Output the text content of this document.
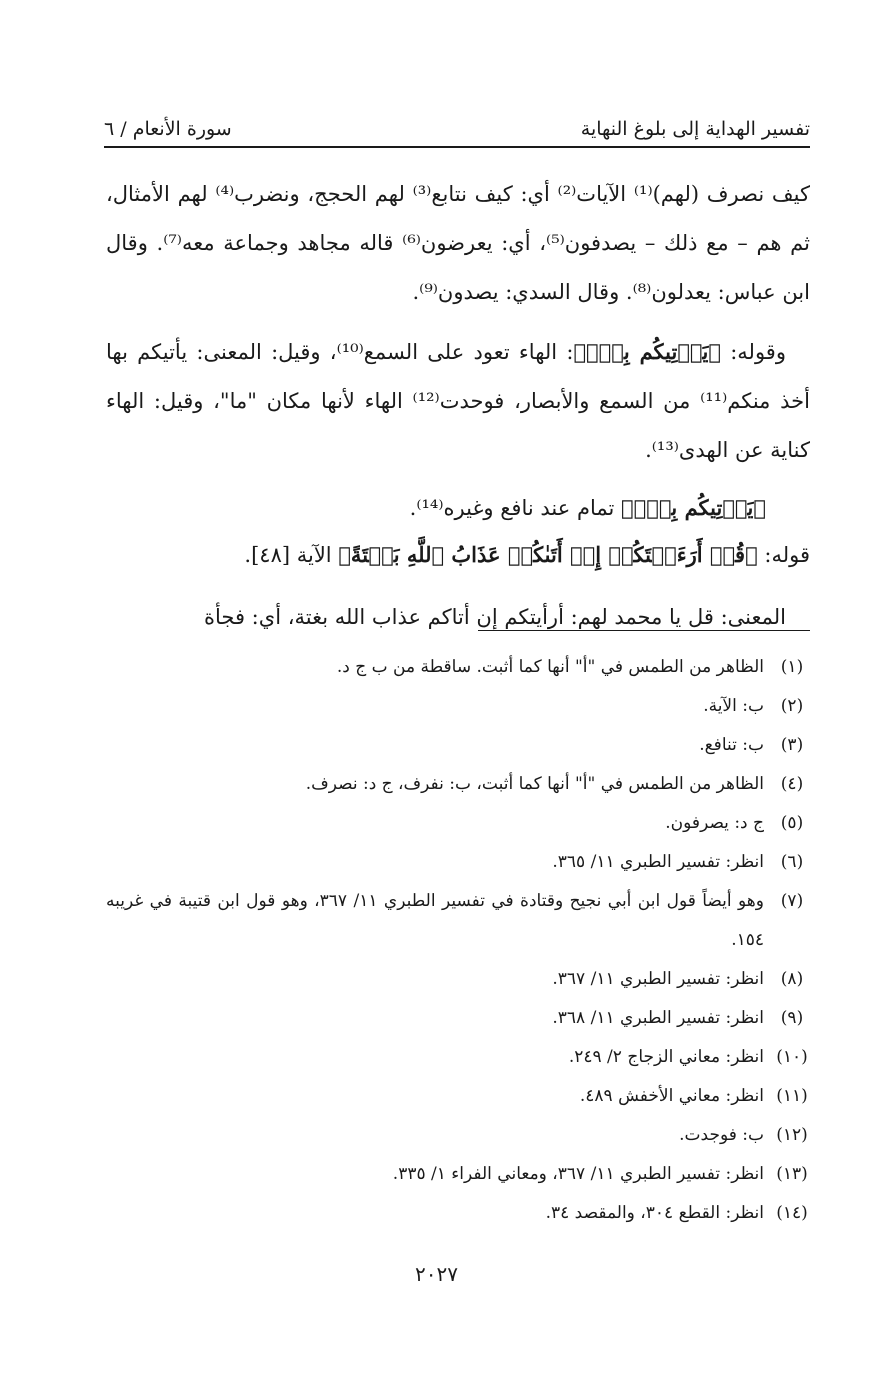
تفسير الهداية إلى بلوغ النهاية
سورة الأنعام / ٦

كيف نصرف (لهم)⁽¹⁾ الآيات⁽²⁾ أي: كيف نتابع⁽³⁾ لهم الحجج، ونضرب⁽⁴⁾ لهم الأمثال، ثم هم – مع ذلك – يصدفون⁽⁵⁾، أي: يعرضون⁽⁶⁾ قاله مجاهد وجماعة معه⁽⁷⁾. وقال ابن عباس: يعدلون⁽⁸⁾. وقال السدي: يصدون⁽⁹⁾.

وقوله: ﴿يَأۡتِيكُم بِهِۗ﴾: الهاء تعود على السمع⁽¹⁰⁾، وقيل: المعنى: يأتيكم بها أخذ منكم⁽¹¹⁾ من السمع والأبصار، فوحدت⁽¹²⁾ الهاء لأنها مكان "ما"، وقيل: الهاء كناية عن الهدى⁽¹³⁾.

﴿يَأۡتِيكُم بِهِۗ﴾ تمام عند نافع وغيره⁽¹⁴⁾.

قوله: ﴿قُلۡ أَرَءَيۡتَكُمۡ إِنۡ أَتَىٰكُمۡ عَذَابُ ٱللَّهِ بَغۡتَةً﴾ الآية [٤٨].

المعنى: قل يا محمد لهم: أرأيتكم إن أتاكم عذاب الله بغتة، أي: فجأة

(١)
الظاهر من الطمس في "أ" أنها كما أثبت. ساقطة من ب ج د.
(٢)
ب: الآية.
(٣)
ب: تنافع.
(٤)
الظاهر من الطمس في "أ" أنها كما أثبت، ب: نفرف، ج د: نصرف.
(٥)
ج د: يصرفون.
(٦)
انظر: تفسير الطبري ١١/ ٣٦٥.
(٧)
وهو أيضاً قول ابن أبي نجيح وقتادة في تفسير الطبري ١١/ ٣٦٧، وهو قول ابن قتيبة في غريبه ١٥٤.
(٨)
انظر: تفسير الطبري ١١/ ٣٦٧.
(٩)
انظر: تفسير الطبري ١١/ ٣٦٨.
(١٠)
انظر: معاني الزجاج ٢/ ٢٤٩.
(١١)
انظر: معاني الأخفش ٤٨٩.
(١٢)
ب: فوجدت.
(١٣)
انظر: تفسير الطبري ١١/ ٣٦٧، ومعاني الفراء ١/ ٣٣٥.
(١٤)
انظر: القطع ٣٠٤، والمقصد ٣٤.
٢٠٢٧
